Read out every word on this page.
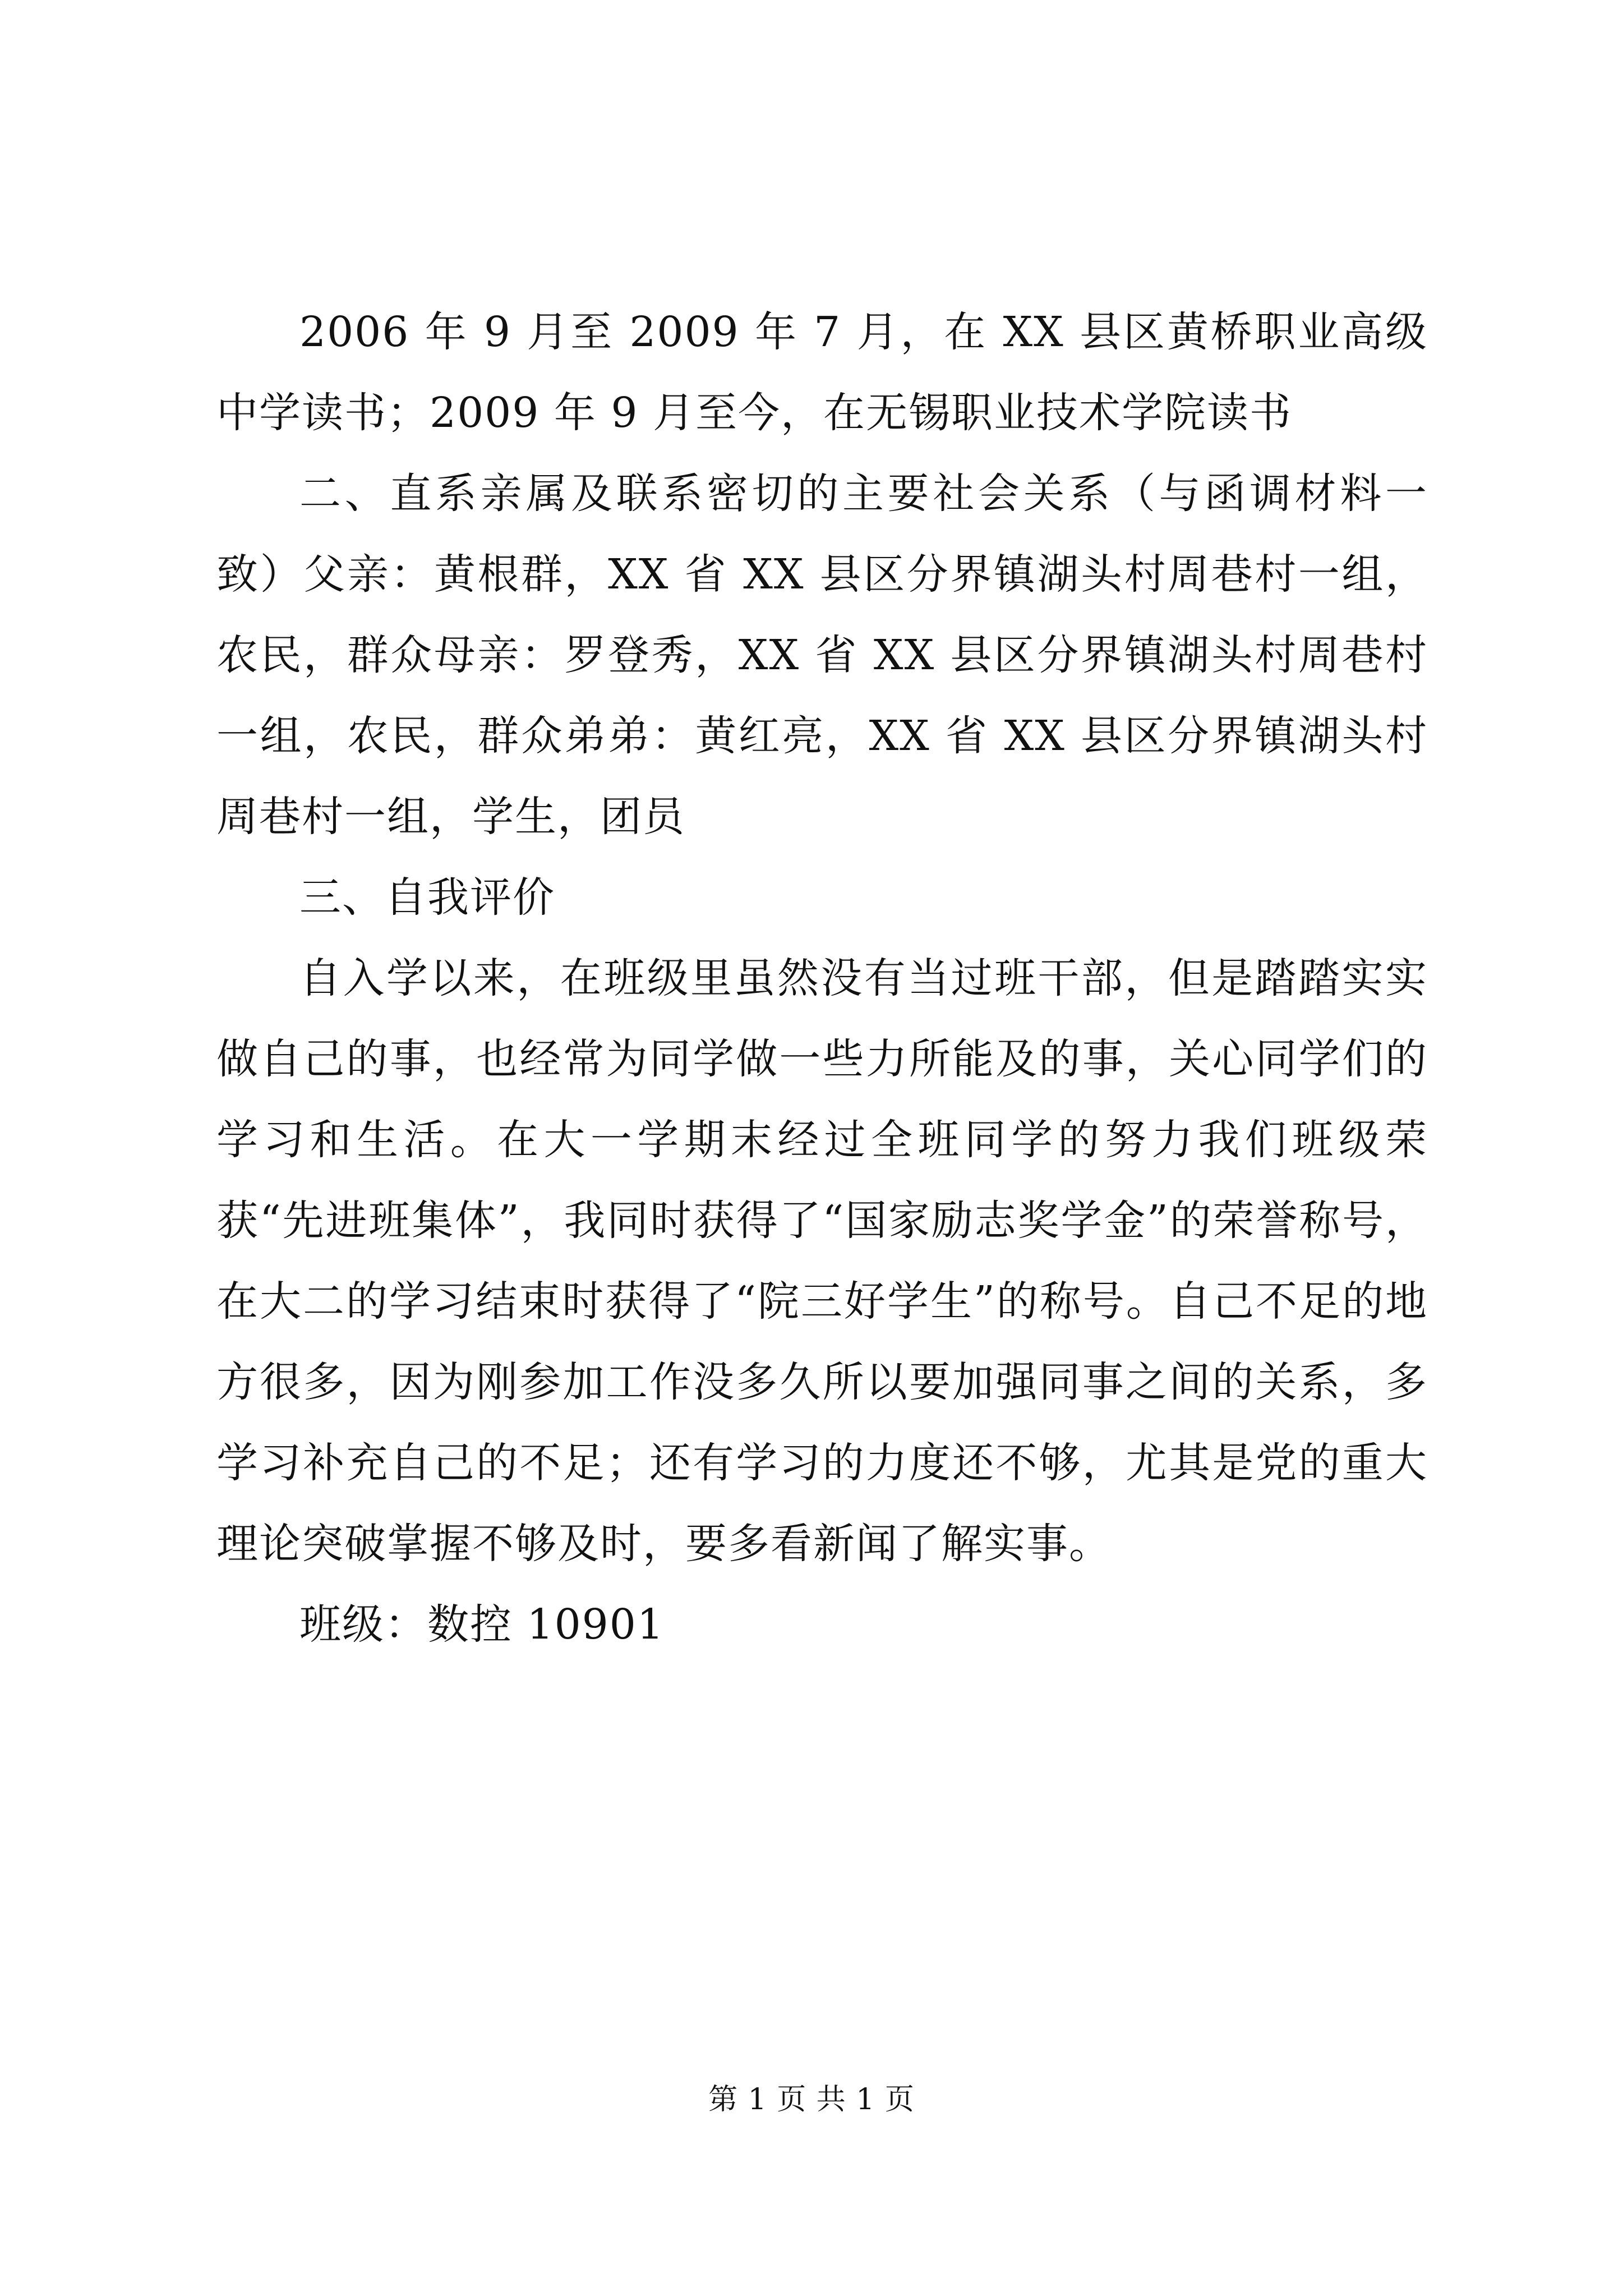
2006 年 9 月至 2009 年 7 月，在 XX 县区黄桥职业高级中学读书；2009 年 9 月至今，在无锡职业技术学院读书

二、直系亲属及联系密切的主要社会关系（与函调材料一致）父亲：黄根群，XX 省 XX 县区分界镇湖头村周巷村一组，农民，群众母亲：罗登秀，XX 省 XX 县区分界镇湖头村周巷村一组，农民，群众弟弟：黄红亮，XX 省 XX 县区分界镇湖头村周巷村一组，学生，团员

三、自我评价

自入学以来，在班级里虽然没有当过班干部，但是踏踏实实做自己的事，也经常为同学做一些力所能及的事，关心同学们的学习和生活。在大一学期末经过全班同学的努力我们班级荣获“先进班集体”，我同时获得了“国家励志奖学金”的荣誉称号，在大二的学习结束时获得了“院三好学生”的称号。自己不足的地方很多，因为刚参加工作没多久所以要加强同事之间的关系，多学习补充自己的不足；还有学习的力度还不够，尤其是党的重大理论突破掌握不够及时，要多看新闻了解实事。

班级：数控 10901

第 1 页 共 1 页
